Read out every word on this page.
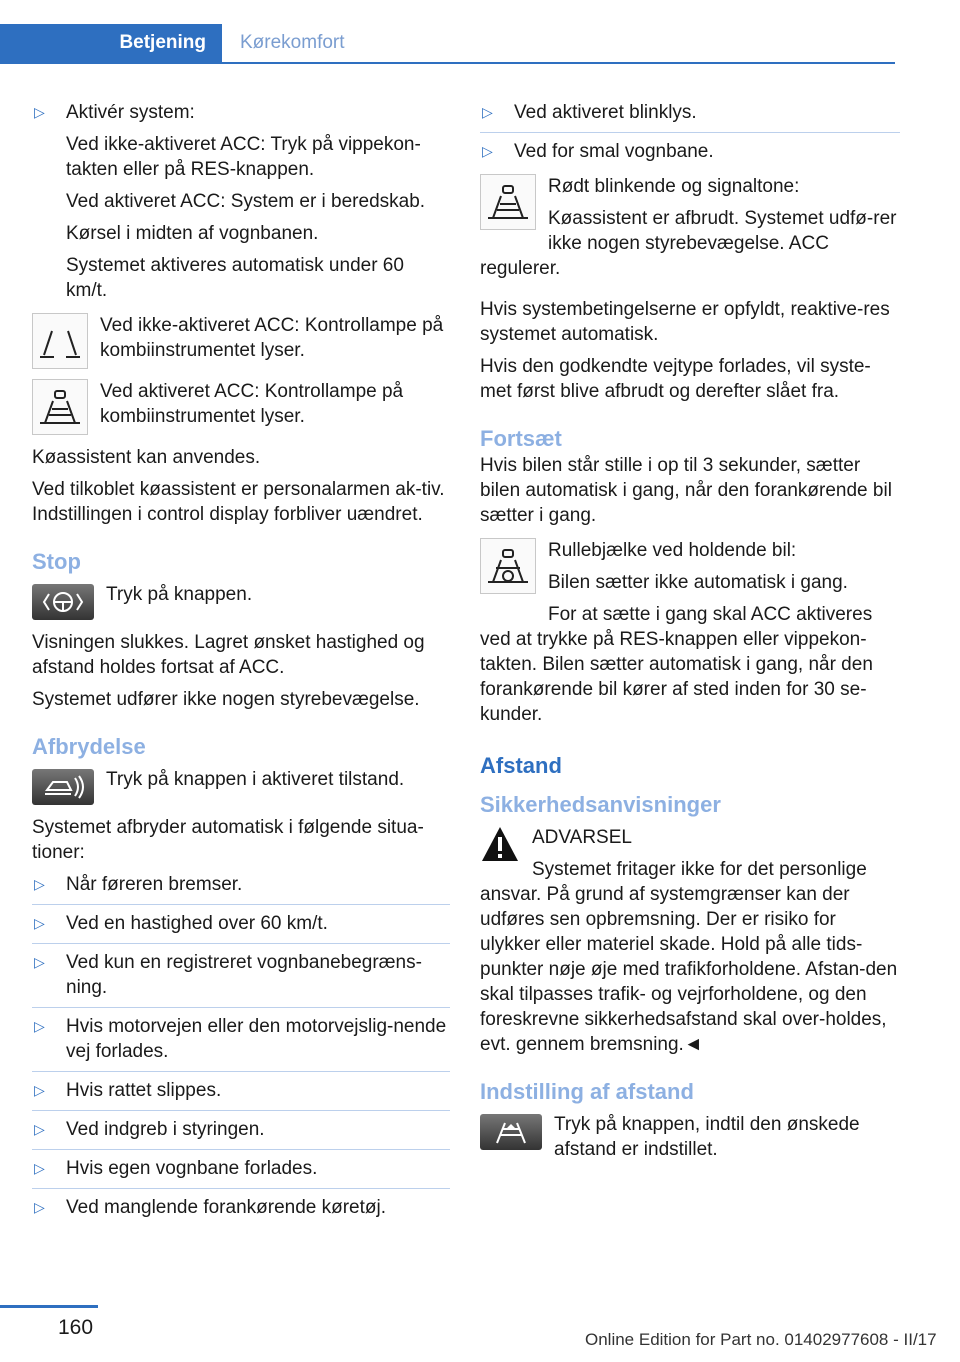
Betjening Kørekomfort
▷ Aktivér system:

Ved ikke-aktiveret ACC: Tryk på vippekon-takten eller på RES-knappen.

Ved aktiveret ACC: System er i beredskab.

Kørsel i midten af vognbanen.

Systemet aktiveres automatisk under 60 km/t.

Ved ikke-aktiveret ACC: Kontrollampe på kombiinstrumentet lyser.
Ved aktiveret ACC: Kontrollampe på kombiinstrumentet lyser.

Køassistent kan anvendes.

Ved tilkoblet køassistent er personalarmen ak-tiv. Indstillingen i control display forbliver uændret.

Stop
Tryk på knappen.

Visningen slukkes. Lagret ønsket hastighed og afstand holdes fortsat af ACC.

Systemet udfører ikke nogen styrebevægelse.

Afbrydelse
Tryk på knappen i aktiveret tilstand.

Systemet afbryder automatisk i følgende situa-tioner:

▷ Når føreren bremser.
▷ Ved en hastighed over 60 km/t.
▷ Ved kun en registreret vognbanebegræns-ning.
▷ Hvis motorvejen eller den motorvejslig-nende vej forlades.
▷ Hvis rattet slippes.
▷ Ved indgreb i styringen.
▷ Hvis egen vognbane forlades.
▷ Ved manglende forankørende køretøj.
▷ Ved aktiveret blinklys.
▷ Ved for smal vognbane.

Rødt blinkende og signaltone:

Køassistent er afbrudt. Systemet udfø-rer ikke nogen styrebevægelse. ACC

regulerer.

Hvis systembetingelserne er opfyldt, reaktive-res systemet automatisk.

Hvis den godkendte vejtype forlades, vil syste-met først blive afbrudt og derefter slået fra.

Fortsæt

Hvis bilen står stille i op til 3 sekunder, sætter bilen automatisk i gang, når den forankørende bil sætter i gang.

Rullebjælke ved holdende bil:

Bilen sætter ikke automatisk i gang.

For at sætte i gang skal ACC aktiveres

ved at trykke på RES-knappen eller vippekon-takten. Bilen sætter automatisk i gang, når den forankørende bil kører af sted inden for 30 se-kunder.

Afstand
Sikkerhedsanvisninger

ADVARSEL

Systemet fritager ikke for det personlige

ansvar. På grund af systemgrænser kan der udføres sen opbremsning. Der er risiko for ulykker eller materiel skade. Hold på alle tids-punkter nøje øje med trafikforholdene. Afstan-den skal tilpasses trafik- og vejrforholdene, og den foreskrevne sikkerhedsafstand skal over-holdes, evt. gennem bremsning.◄

Indstilling af afstand
Tryk på knappen, indtil den ønskede afstand er indstillet.
160
Online Edition for Part no. 01402977608 - II/17
